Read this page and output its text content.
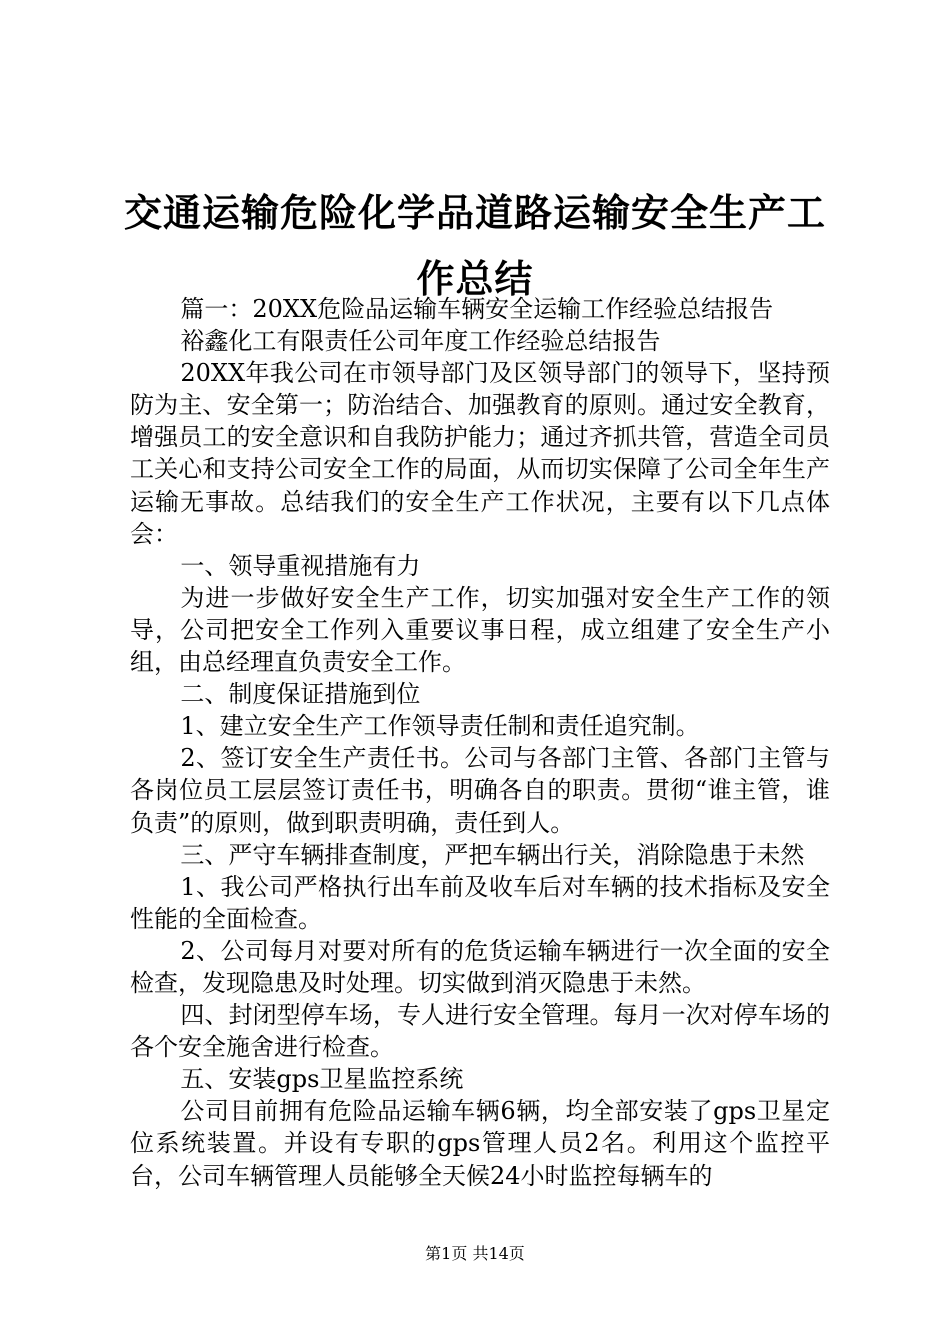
交通运输危险化学品道路运输安全生产工作总结

篇一：20XX危险品运输车辆安全运输工作经验总结报告

裕鑫化工有限责任公司年度工作经验总结报告

20XX年我公司在市领导部门及区领导部门的领导下，坚持预防为主、安全第一；防治结合、加强教育的原则。通过安全教育，增强员工的安全意识和自我防护能力；通过齐抓共管，营造全司员工关心和支持公司安全工作的局面，从而切实保障了公司全年生产运输无事故。总结我们的安全生产工作状况，主要有以下几点体会：

一、领导重视措施有力

为进一步做好安全生产工作，切实加强对安全生产工作的领导，公司把安全工作列入重要议事日程，成立组建了安全生产小组，由总经理直负责安全工作。

二、制度保证措施到位

1、建立安全生产工作领导责任制和责任追究制。

2、签订安全生产责任书。公司与各部门主管、各部门主管与各岗位员工层层签订责任书，明确各自的职责。贯彻“谁主管，谁负责”的原则，做到职责明确，责任到人。

三、严守车辆排查制度，严把车辆出行关，消除隐患于未然

1、我公司严格执行出车前及收车后对车辆的技术指标及安全性能的全面检查。

2、公司每月对要对所有的危货运输车辆进行一次全面的安全检查，发现隐患及时处理。切实做到消灭隐患于未然。

四、封闭型停车场，专人进行安全管理。每月一次对停车场的各个安全施舍进行检查。

五、安装gps卫星监控系统

公司目前拥有危险品运输车辆6辆，均全部安装了gps卫星定位系统装置。并设有专职的gps管理人员2名。利用这个监控平台，公司车辆管理人员能够全天候24小时监控每辆车的

第1页 共14页
